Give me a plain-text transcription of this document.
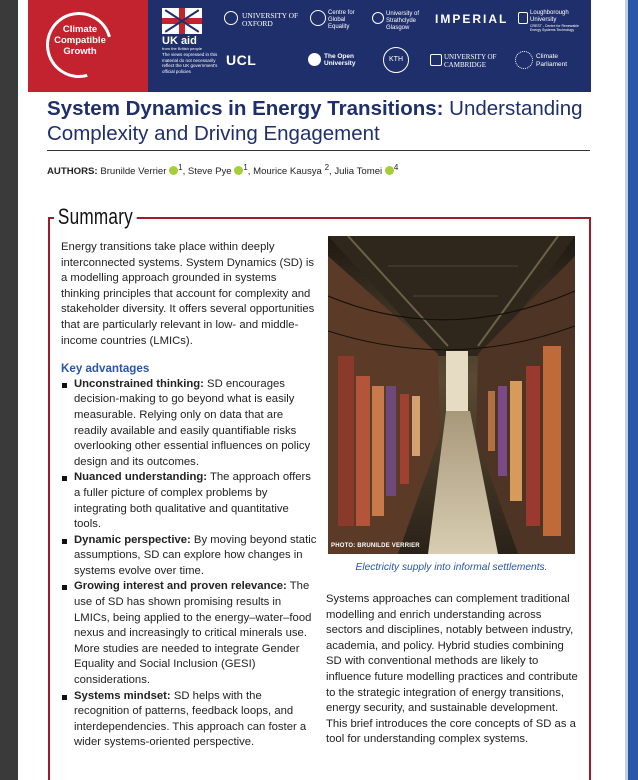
Climate Compatible Growth
UK aid
from the British people
The views expressed in this material do not necessarily reflect the UK government's official policies
UNIVERSITY OF OXFORD
Centre for Global Equality
University of Strathclyde Glasgow
IMPERIAL	Loughborough University
CREST - Centre for Renewable Energy Systems Technology
UCL	The Open University
KTH	UNIVERSITY OF CAMBRIDGE
Climate Parliament
System Dynamics in Energy Transitions: Understanding Complexity and Driving Engagement
AUTHORS: Brunilde Verrier $^1$, Steve Pye $^1$, Mourice Kausya $^2$, Julia Tomei $^4$
Summary

Energy transitions take place within deeply interconnected systems. System Dynamics (SD) is a modelling approach grounded in systems thinking principles that account for complexity and stakeholder diversity. It offers several opportunities that are particularly relevant in low- and middle-income countries (LMICs).

Key advantages
Unconstrained thinking: SD encourages decision-making to go beyond what is easily measurable. Relying only on data that are readily available and easily quantifiable risks overlooking other essential influences on policy design and its outcomes.
Nuanced understanding: The approach offers a fuller picture of complex problems by integrating both qualitative and quantitative tools.
Dynamic perspective: By moving beyond static assumptions, SD can explore how changes in systems evolve over time.
Growing interest and proven relevance: The use of SD has shown promising results in LMICs, being applied to the energy–water–food nexus and increasingly to critical minerals use. More studies are needed to integrate Gender Equality and Social Inclusion (GESI) considerations.
Systems mindset: SD helps with the recognition of patterns, feedback loops, and interdependencies. This approach can foster a wider systems-oriented perspective.
PHOTO: BRUNILDE VERRIER
Electricity supply into informal settlements.
Systems approaches can complement traditional modelling and enrich understanding across sectors and disciplines, notably between industry, academia, and policy. Hybrid studies combining SD with conventional methods are likely to influence future modelling practices and contribute to the strategic integration of energy transitions, energy security, and sustainable development. This brief introduces the core concepts of SD as a tool for understanding complex systems.
